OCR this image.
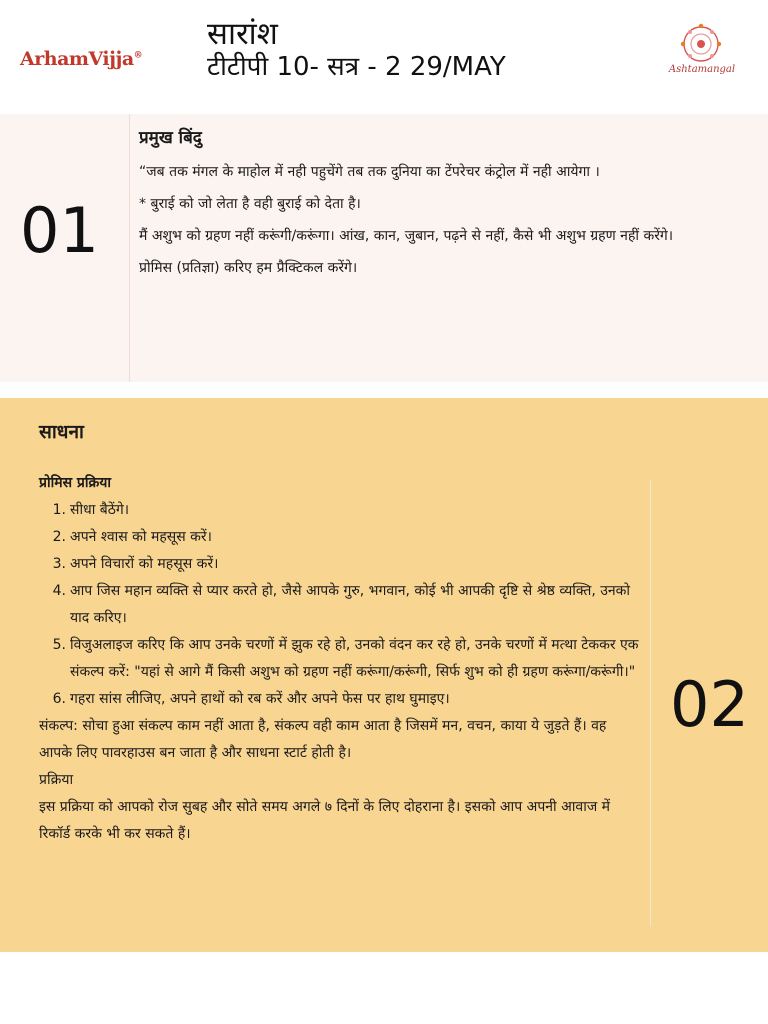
ArhamVijja®
सारांश
टीटीपी 10- सत्र - 2 29/MAY	Ashtamangal
01
प्रमुख बिंदु

“जब तक मंगल के माहोल में नही पहुचेंगे तब तक दुनिया का टेंपरेचर कंट्रोल में नही आयेगा ।

* बुराई को जो लेता है वही बुराई को देता है।

मैं अशुभ को ग्रहण नहीं करूंगी/करूंगा। आंख, कान, जुबान, पढ़ने से नहीं, कैसे भी अशुभ ग्रहण नहीं करेंगे।

प्रोमिस (प्रतिज्ञा) करिए हम प्रैक्टिकल करेंगे।

साधना
प्रोमिस प्रक्रिया
1. सीधा बैठेंगे।
2. अपने श्वास को महसूस करें।
3. अपने विचारों को महसूस करें।
4. आप जिस महान व्यक्ति से प्यार करते हो, जैसे आपके गुरु, भगवान, कोई भी आपकी दृष्टि से श्रेष्ठ व्यक्ति, उनको याद करिए।
5. विजुअलाइज करिए कि आप उनके चरणों में झुक रहे हो, उनको वंदन कर रहे हो, उनके चरणों में मत्था टेककर एक संकल्प करें: "यहां से आगे मैं किसी अशुभ को ग्रहण नहीं करूंगा/करूंगी, सिर्फ शुभ को ही ग्रहण करूंगा/करूंगी।"
6. गहरा सांस लीजिए, अपने हाथों को रब करें और अपने फेस पर हाथ घुमाइए।

संकल्प: सोचा हुआ संकल्प काम नहीं आता है, संकल्प वही काम आता है जिसमें मन, वचन, काया ये जुड़ते हैं। वह आपके लिए पावरहाउस बन जाता है और साधना स्टार्ट होती है।

प्रक्रिया

इस प्रक्रिया को आपको रोज सुबह और सोते समय अगले ७ दिनों के लिए दोहराना है। इसको आप अपनी आवाज में रिकॉर्ड करके भी कर सकते हैं।

02
